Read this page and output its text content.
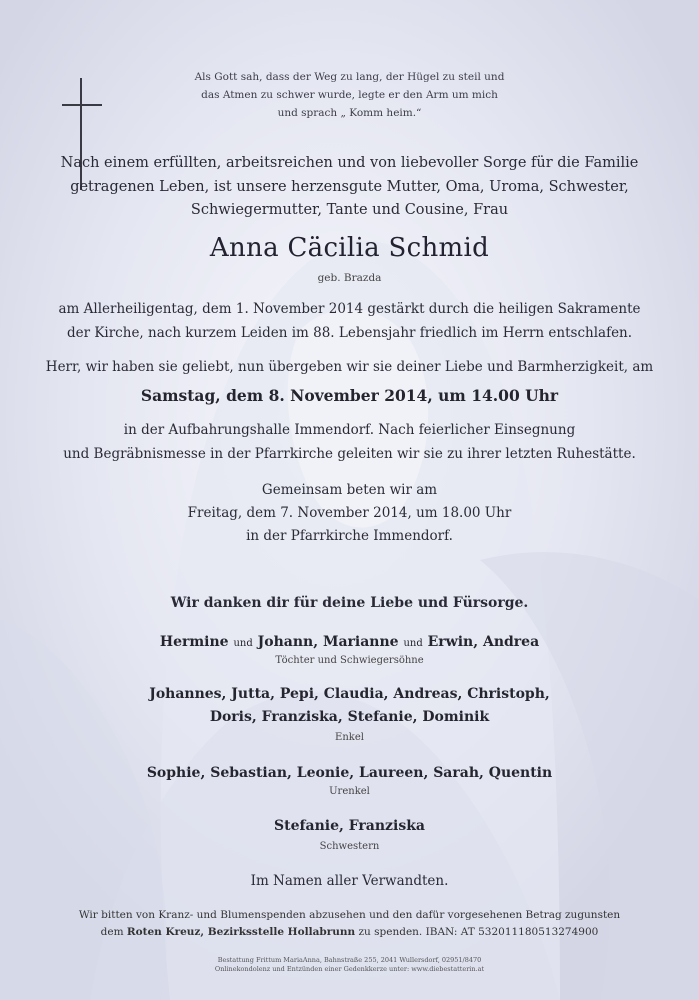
Als Gott sah, dass der Weg zu lang, der Hügel zu steil und
das Atmen zu schwer wurde, legte er den Arm um mich
und sprach „ Komm heim.“
Nach einem erfüllten, arbeitsreichen und von liebevoller Sorge für die Familie
getragenen Leben, ist unsere herzensgute Mutter, Oma, Uroma, Schwester,
Schwiegermutter, Tante und Cousine, Frau
Anna Cäcilia Schmid
geb. Brazda
am Allerheiligentag, dem 1. November 2014 gestärkt durch die heiligen Sakramente
der Kirche, nach kurzem Leiden im 88. Lebensjahr friedlich im Herrn entschlafen.
Herr, wir haben sie geliebt, nun übergeben wir sie deiner Liebe und Barmherzigkeit, am
Samstag, dem 8. November 2014, um 14.00 Uhr
in der Aufbahrungshalle Immendorf. Nach feierlicher Einsegnung
und Begräbnismesse in der Pfarrkirche geleiten wir sie zu ihrer letzten Ruhestätte.
Gemeinsam beten wir am
Freitag, dem 7. November 2014, um 18.00 Uhr
in der Pfarrkirche Immendorf.
Wir danken dir für deine Liebe und Fürsorge.
Hermine und Johann, Marianne und Erwin, Andrea
Töchter und Schwiegersöhne
Johannes, Jutta, Pepi, Claudia, Andreas, Christoph,
Doris, Franziska, Stefanie, Dominik
Enkel
Sophie, Sebastian, Leonie, Laureen, Sarah, Quentin
Urenkel
Stefanie, Franziska
Schwestern
Im Namen aller Verwandten.
Wir bitten von Kranz- und Blumenspenden abzusehen und den dafür vorgesehenen Betrag zugunsten
dem Roten Kreuz, Bezirksstelle Hollabrunn zu spenden. IBAN: AT 532011180513274900
Bestattung Frittum MariaAnna, Bahnstraße 255, 2041 Wullersdorf, 02951/8470
Onlinekondolenz und Entzünden einer Gedenkkerze unter: www.diebestatterin.at
